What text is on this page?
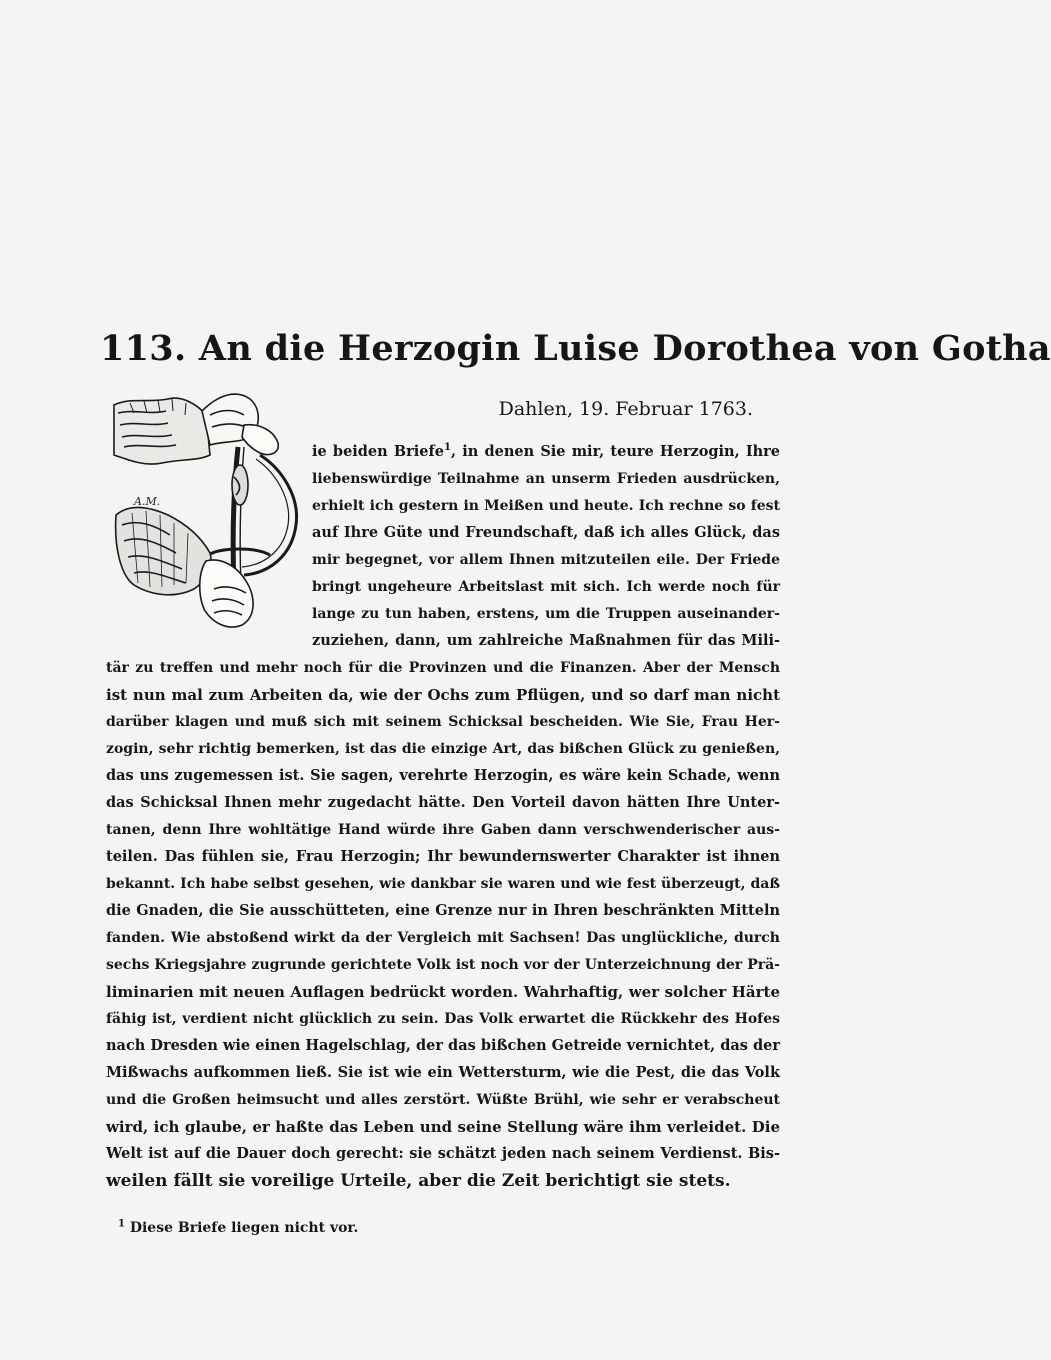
113. An die Herzogin Luise Dorothea von Gotha
Dahlen, 19. Februar 1763.
A.M.
ie beiden Briefe$^1$, in denen Sie mir, teure Herzogin, Ihre
liebenswürdige Teilnahme an unserm Frieden ausdrücken,
erhielt ich gestern in Meißen und heute. Ich rechne so fest
auf Ihre Güte und Freundschaft, daß ich alles Glück, das
mir begegnet, vor allem Ihnen mitzuteilen eile. Der Friede
bringt ungeheure Arbeitslast mit sich. Ich werde noch für
lange zu tun haben, erstens, um die Truppen auseinander-
zuziehen, dann, um zahlreiche Maßnahmen für das Mili-
tär zu treffen und mehr noch für die Provinzen und die Finanzen. Aber der Mensch
ist nun mal zum Arbeiten da, wie der Ochs zum Pflügen, und so darf man nicht
darüber klagen und muß sich mit seinem Schicksal bescheiden. Wie Sie, Frau Her-
zogin, sehr richtig bemerken, ist das die einzige Art, das bißchen Glück zu genießen,
das uns zugemessen ist. Sie sagen, verehrte Herzogin, es wäre kein Schade, wenn
das Schicksal Ihnen mehr zugedacht hätte. Den Vorteil davon hätten Ihre Unter-
tanen, denn Ihre wohltätige Hand würde ihre Gaben dann verschwenderischer aus-
teilen. Das fühlen sie, Frau Herzogin; Ihr bewundernswerter Charakter ist ihnen
bekannt. Ich habe selbst gesehen, wie dankbar sie waren und wie fest überzeugt, daß
die Gnaden, die Sie ausschütteten, eine Grenze nur in Ihren beschränkten Mitteln
fanden. Wie abstoßend wirkt da der Vergleich mit Sachsen! Das unglückliche, durch
sechs Kriegsjahre zugrunde gerichtete Volk ist noch vor der Unterzeichnung der Prä-
liminarien mit neuen Auflagen bedrückt worden. Wahrhaftig, wer solcher Härte
fähig ist, verdient nicht glücklich zu sein. Das Volk erwartet die Rückkehr des Hofes
nach Dresden wie einen Hagelschlag, der das bißchen Getreide vernichtet, das der
Mißwachs aufkommen ließ. Sie ist wie ein Wettersturm, wie die Pest, die das Volk
und die Großen heimsucht und alles zerstört. Wüßte Brühl, wie sehr er verabscheut
wird, ich glaube, er haßte das Leben und seine Stellung wäre ihm verleidet. Die
Welt ist auf die Dauer doch gerecht: sie schätzt jeden nach seinem Verdienst. Bis-
weilen fällt sie voreilige Urteile, aber die Zeit berichtigt sie stets.
$^1$ Diese Briefe liegen nicht vor.
